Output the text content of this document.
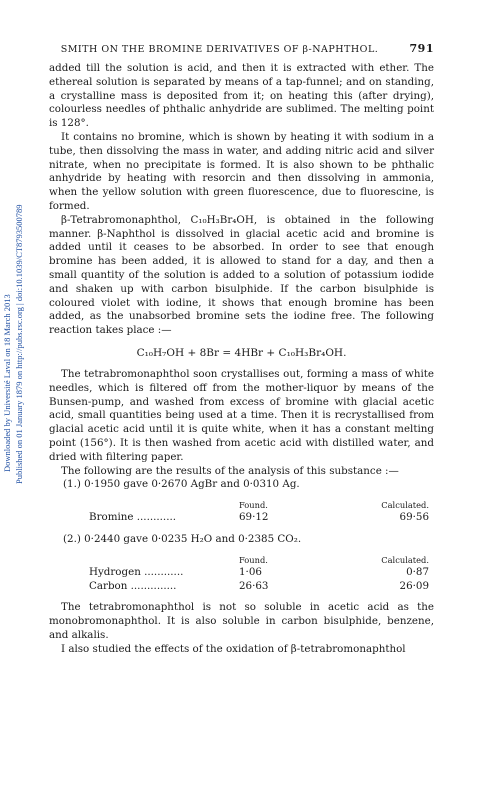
Downloaded by Université Laval on 18 March 2013 Published on 01 January 1879 on http://pubs.rsc.org | doi:10.1039/CT8793500789
SMITH ON THE BROMINE DERIVATIVES OF β-NAPHTHOL.	791

added till the solution is acid, and then it is extracted with ether. The ethereal solution is separated by means of a tap-funnel; and on standing, a crystalline mass is deposited from it; on heating this (after drying), colourless needles of phthalic anhydride are sublimed. The melting point is 128°.

It contains no bromine, which is shown by heating it with sodium in a tube, then dissolving the mass in water, and adding nitric acid and silver nitrate, when no precipitate is formed. It is also shown to be phthalic anhydride by heating with resorcin and then dissolving in ammonia, when the yellow solution with green fluorescence, due to fluorescine, is formed.

β-Tetrabromonaphthol, C₁₀H₃Br₄OH, is obtained in the following manner. β-Naphthol is dissolved in glacial acetic acid and bromine is added until it ceases to be absorbed. In order to see that enough bromine has been added, it is allowed to stand for a day, and then a small quantity of the solution is added to a solution of potassium iodide and shaken up with carbon bisulphide. If the carbon bisulphide is coloured violet with iodine, it shows that enough bromine has been added, as the unabsorbed bromine sets the iodine free. The following reaction takes place :—

C₁₀H₇OH + 8Br = 4HBr + C₁₀H₃Br₄OH.

The tetrabromonaphthol soon crystallises out, forming a mass of white needles, which is filtered off from the mother-liquor by means of the Bunsen-pump, and washed from excess of bromine with glacial acetic acid, small quantities being used at a time. Then it is recrystallised from glacial acetic acid until it is quite white, when it has a constant melting point (156°). It is then washed from acetic acid with distilled water, and dried with filtering paper.

The following are the results of the analysis of this substance :—

(1.) 0·1950 gave 0·2670 AgBr and 0·0310 Ag.
	Found.	Calculated.
Bromine ............	69·12	69·56
(2.) 0·2440 gave 0·0235 H₂O and 0·2385 CO₂.
	Found.	Calculated.
Hydrogen ............	1·06	0·87
Carbon ..............	26·63	26·09

The tetrabromonaphthol is not so soluble in acetic acid as the monobromonaphthol. It is also soluble in carbon bisulphide, benzene, and alkalis.

I also studied the effects of the oxidation of β-tetrabromonaphthol
